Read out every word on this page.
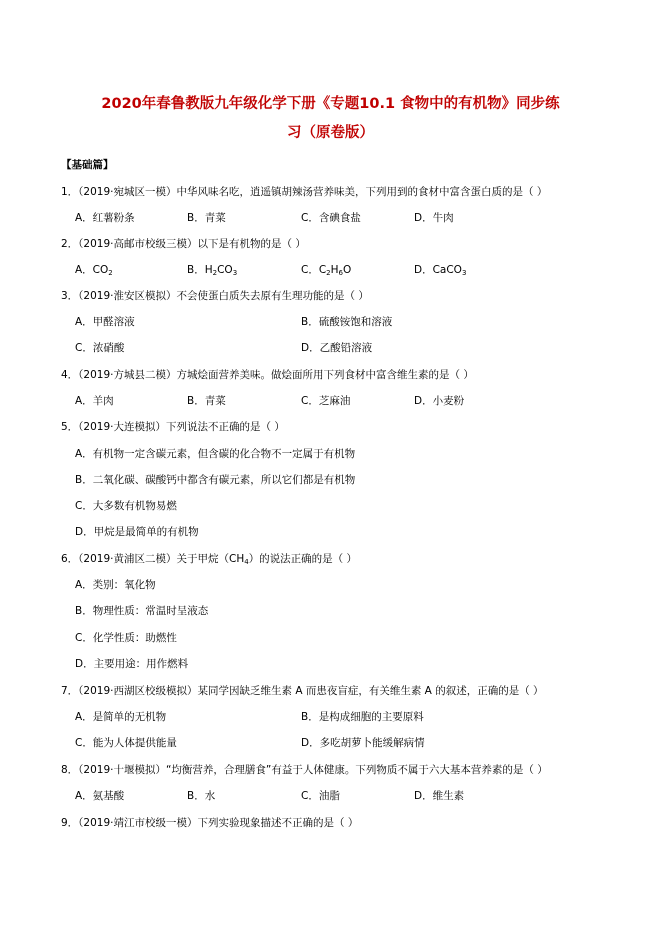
2020年春鲁教版九年级化学下册《专题10.1 食物中的有机物》同步练
习（原卷版）
【基础篇】
1．（2019·宛城区一模）中华风味名吃，逍遥镇胡辣汤营养味美，下列用到的食材中富含蛋白质的是（ ）
A．红薯粉条	B．青菜	C．含碘食盐	D．牛肉
2．（2019·高邮市校级三模）以下是有机物的是（ ）
A．$CO_2$	B．$H_2CO_3$	C．$C_2H_6O$	D．CaCO$_3$
3．（2019·淮安区模拟）不会使蛋白质失去原有生理功能的是（ ）
A．甲醛溶液	B．硫酸铵饱和溶液
C．浓硝酸	D．乙酸铅溶液
4．（2019·方城县二模）方城烩面营养美味。做烩面所用下列食材中富含维生素的是（ ）
A．羊肉	B．青菜	C．芝麻油	D．小麦粉
5．（2019·大连模拟）下列说法不正确的是（ ）
A．有机物一定含碳元素，但含碳的化合物不一定属于有机物
B．二氧化碳、碳酸钙中都含有碳元素，所以它们都是有机物
C．大多数有机物易燃
D．甲烷是最简单的有机物
6．（2019·黄浦区二模）关于甲烷$(CH_4)$的说法正确的是（ ）
A．类别：氧化物
B．物理性质：常温时呈液态
C．化学性质：助燃性
D．主要用途：用作燃料
7．（2019·西湖区校级模拟）某同学因缺乏维生素 A 而患夜盲症，有关维生素 A 的叙述，正确的是（ ）
A．是简单的无机物	B．是构成细胞的主要原料
C．能为人体提供能量	D．多吃胡萝卜能缓解病情
8．（2019·十堰模拟）“均衡营养，合理膳食”有益于人体健康。下列物质不属于六大基本营养素的是（ ）
A．氨基酸	B．水	C．油脂	D．维生素
9．（2019·靖江市校级一模）下列实验现象描述不正确的是（ ）
